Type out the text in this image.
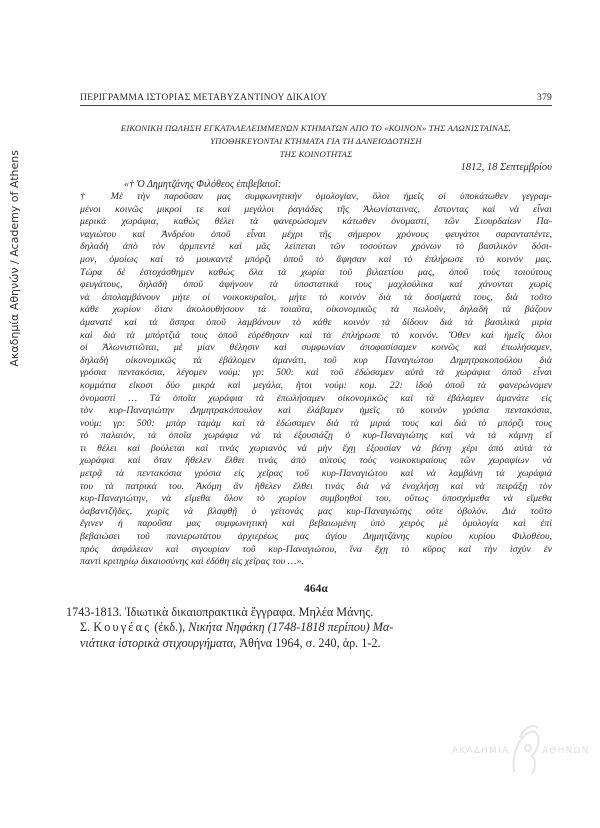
Ακαδημία Αθηνών / Academy of Athens
ΠΕΡΙΓΡΑΜΜΑ ΙΣΤΟΡΙΑΣ ΜΕΤΑΒΥΖΑΝΤΙΝΟΥ ΔΙΚΑΙΟΥ	379
ΕΙΚΟΝΙΚΗ ΠΩΛΗΣΗ ΕΓΚΑΤΑΛΕΛΕΙΜΜΕΝΩΝ ΚΤΗΜΑΤΩΝ ΑΠΟ ΤΟ «ΚΟΙΝΟΝ» ΤΗΣ ΑΛΩΝΙΣΤΑΙΝΑΣ.
ΥΠΟΘΗΚΕΥΟΝΤΑΙ ΚΤΗΜΑΤΑ ΓΙΑ ΤΗ ΔΑΝΕΙΟΔΟΤΗΣΗ
ΤΗΣ ΚΟΙΝΟΤΗΤΑΣ
1812, 18 Σεπτεμβρίου
«† Ὁ Δημητζάνης Φιλόθεος ἐπιβεβαιοῖ:
† Μὲ τὴν παροῦσαν μας συμφωνητικὴν ὁμολογίαν, ὅλοι ἡμεῖς οἱ ὑποκάτωθεν γεγραμ-
μένοι κοινῶς μικροὶ τε καὶ μεγάλοι ῥαγιάδες τῆς Ἀλωνίσταινας, ἔστοντας καὶ νὰ εἶναι
μερικὰ χωράφια, καθὼς θέλει τὰ φανερώσομεν κάτωθεν ὀνομαστί, τῶν Σιουρδαίων Πα-
ναγιώτου καὶ Ἀνδρέου ὁπoῦ εἶναι μέχρι τῆς σήμερον χρόνους φευγάτοι σαρανταπέντε,
δηλαδὴ ἀπὸ τὸν ἀρμπεντὲ καὶ μᾶς λείπεται τῶν τοσούτων χρόνων τὸ βασιλικὸν δόσι-
μον, ὁμοίως καὶ τὸ μουκαντὲ μπόρζι ὁπoῦ τὸ ἄφησαν καὶ τὸ ἐπλήρωσε τὸ κοινόν μας.
Τώρα δὲ ἐστοχάσθημεν καθὼς ὅλα τὰ χωρία τοῦ βιλαετίου μας, ὁπoῦ τοὺς τοιούτους
φευγάτους, δηλαδὴ ὁπoῦ ἀφήνουν τὰ ὑποστατικά τους μαχλούλικα καὶ χάνονται χωρὶς
νὰ ἀπολαμβάνουν μήτε οἱ νοικοκυραῖοι, μήτε τὸ κοινὸν διὰ τὰ δοσίματά τους, διὰ τοῦτο
κάθε χωρίον ὅταν ἀκολουθήσουν τὰ τοιαῦτα, οἰκονομικῶς τὰ πωλοῦν, δηλαδὴ τὰ βάζουν
ἀμανατὲ καὶ τὰ ἄσπρα ὁπoῦ λαμβάνουν τὸ κάθε κοινὸν τὰ δίδουν διὰ τὰ βασιλικὰ μιρία
καὶ διὰ τὰ μπόρτζιά τους ὁπoῦ εὑρέθησαν καὶ τὰ ἐπλήρωσε τὸ κοινόν. Ὅθεν καὶ ἡμεῖς ὅλοι
οἱ Ἀλωνιστιῶται, μὲ μίαν θέλησιν καὶ συμφωνίαν ἀποφασίσαμεν κοινῶς καὶ ἐπωλήσαμεν,
δηλαδὴ οἰκονομικῶς τὰ ἐβάλομεν ἀμανάτι, τοῦ κυρ Παναγιώτου Δημητρακοπούλου διὰ
γρόσια πεντακόσια, λέγομεν νούμ: γρ: 500: καὶ τοῦ ἐδώσαμεν αὐτὰ τὰ χωράφια ὁπoῦ εἶναι
κομμάτια εἴκοσι δύο μικρὰ καὶ μεγάλα, ἤτοι νούμ: κομ. 22: ἰδοὺ ὁπoῦ τὰ φανερώνομεν
ὀνομαστί … Τὰ ὁποῖα χωράφια τὰ ἐπωλήσαμεν οἰκονομικῶς καὶ τὰ ἐβάλαμεν ἀμανάτε εἰς
τὸν κυρ-Παναγιώτην Δημητρακόπουλον καὶ ἐλάβαμεν ἡμεῖς τὸ κοινὸν γρόσια πεντακόσια,
νούμ: γρ: 500: μπὰρ ταμὰμ καὶ τὰ ἐδώσαμεν διὰ τὰ μιριά τους καὶ διὰ τὸ μπόρζι τους
τὸ παλαιόν, τὰ ὁποῖα χωράφια νὰ τὰ ἐξουσιάζῃ ὁ κυρ-Παναγιώτης καὶ νὰ τὰ κάμνῃ εἴ
τι θέλει καὶ βούλεται καὶ τινὰς χωριανὸς νὰ μὴν ἔχῃ ἐξουσίαν νὰ βάνῃ χέρι ἀπὸ αὐτὰ τὰ
χωράφια καὶ ὅταν ἤθελεν ἔλθει τινὰς ἀπὸ αὐτοὺς τοὺς νοικοκυραίους τῶν χωραφίων νὰ
μετρᾷ τὰ πεντακόσια γρόσια εἰς χεῖρας τοῦ κυρ-Παναγιώτου καὶ νὰ λαμβάνῃ τὰ χωράφιά
του τὰ πατρικά του. Ἀκόμη ἂν ἤθελεν ἔλθει τινὰς διὰ νὰ ἐνοχλήσῃ καὶ νὰ πειράξῃ τὸν
κυρ-Παναγιώτην, νὰ εἴμεθα ὅλον τὸ χωρίον συμβοηθοί του, οὕτως ὑποσχόμεθα νὰ εἴμεθα
ὀαβαντζῆδες, χωρὶς νὰ βλαφθῇ ὁ γείτονάς μας κυρ-Παναγιώτης οὔτε ὀβολόν. Διὰ τοῦτο
ἔγινεν ἡ παροῦσα μας συμφωνητικὴ καὶ βεβαιωμένη ὑπὸ χειρὸς μὲ ὁμολογία καὶ ἐπὶ
βεβαιώσει τοῦ πανιερωτάτου ἀρχιερέως μας ἁγίου Δημητζάνης κυρίου κυρίου Φιλοθέου,
πρὸς ἀσφάλειαν καὶ σιγουρίαν τοῦ κυρ-Παναγιώτου, ἵνα ἔχῃ τὸ κῦρος καὶ τὴν ἰσχὺν ἐν
παντὶ κριτηρίῳ δικαιοσύνης καὶ ἐδόθη εἰς χεῖρας του …».
464α
1743-1813. Ἰδιωτικὰ δικαιοπρακτικὰ ἔγγραφα. Μηλέα Μάνης.
Σ. Κουγέας (ἐκδ.), Νικήτα Νηφάκη (1748-1818 περίπου) Μα-
νιάτικα ἱστορικὰ στιχουργήματα, Ἀθήνα 1964, σ. 240, ἀρ. 1-2.
ΑΚΑΔΗΜΙΑ	ΑΘΗΝΩΝ
